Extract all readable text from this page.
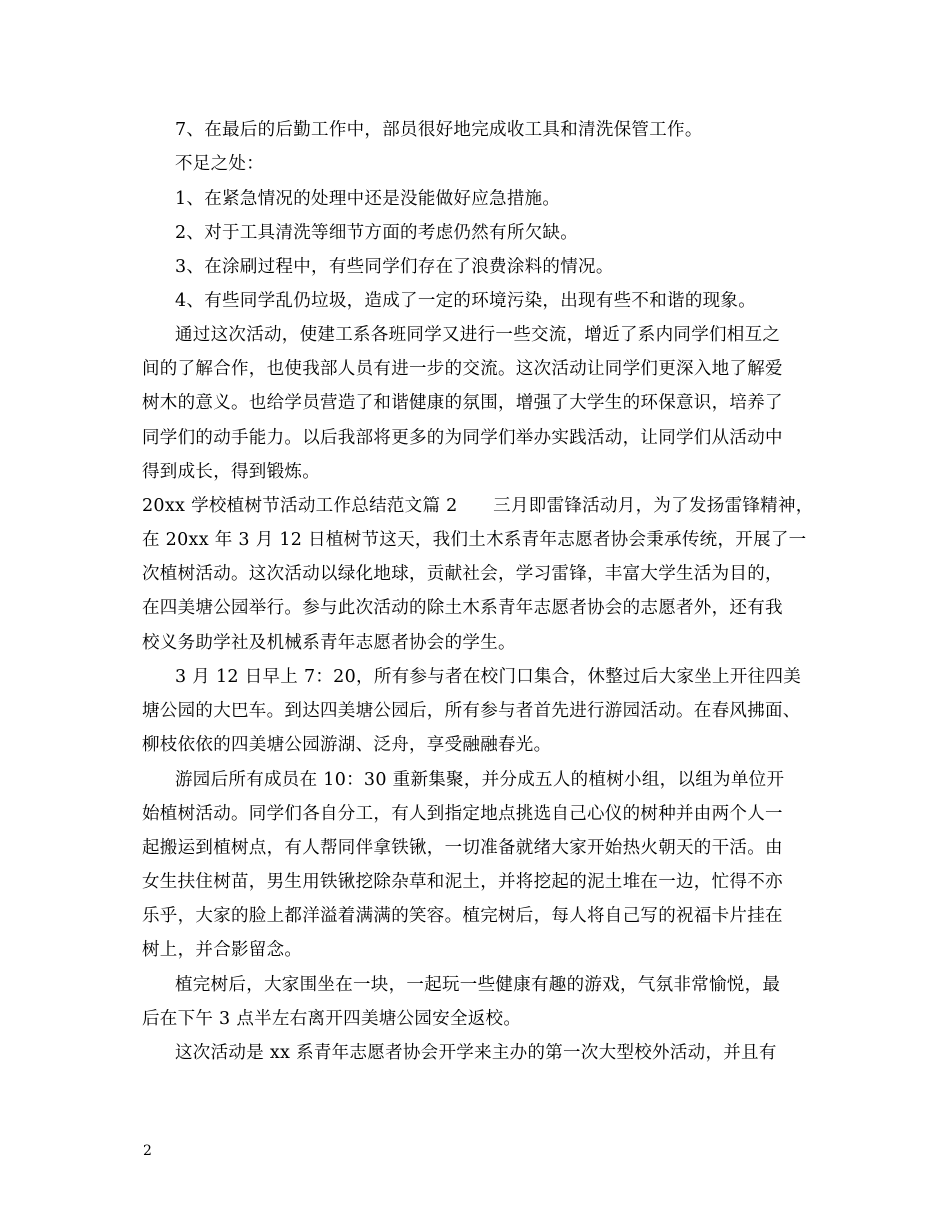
7、在最后的后勤工作中，部员很好地完成收工具和清洗保管工作。

不足之处：

1、在紧急情况的处理中还是没能做好应急措施。

2、对于工具清洗等细节方面的考虑仍然有所欠缺。

3、在涂刷过程中，有些同学们存在了浪费涂料的情况。

4、有些同学乱仍垃圾，造成了一定的环境污染，出现有些不和谐的现象。

通过这次活动，使建工系各班同学又进行一些交流，增近了系内同学们相互之

间的了解合作，也使我部人员有进一步的交流。这次活动让同学们更深入地了解爱

树木的意义。也给学员营造了和谐健康的氛围，增强了大学生的环保意识，培养了

同学们的动手能力。以后我部将更多的为同学们举办实践活动，让同学们从活动中

得到成长，得到锻炼。

20xx 学校植树节活动工作总结范文篇 2　　三月即雷锋活动月，为了发扬雷锋精神，

在 20xx 年 3 月 12 日植树节这天，我们土木系青年志愿者协会秉承传统，开展了一

次植树活动。这次活动以绿化地球，贡献社会，学习雷锋，丰富大学生活为目的，

在四美塘公园举行。参与此次活动的除土木系青年志愿者协会的志愿者外，还有我

校义务助学社及机械系青年志愿者协会的学生。

3 月 12 日早上 7：20，所有参与者在校门口集合，休整过后大家坐上开往四美

塘公园的大巴车。到达四美塘公园后，所有参与者首先进行游园活动。在春风拂面、

柳枝依依的四美塘公园游湖、泛舟，享受融融春光。

游园后所有成员在 10：30 重新集聚，并分成五人的植树小组，以组为单位开

始植树活动。同学们各自分工，有人到指定地点挑选自己心仪的树种并由两个人一

起搬运到植树点，有人帮同伴拿铁锹，一切准备就绪大家开始热火朝天的干活。由

女生扶住树苗，男生用铁锹挖除杂草和泥土，并将挖起的泥土堆在一边，忙得不亦

乐乎，大家的脸上都洋溢着满满的笑容。植完树后，每人将自己写的祝福卡片挂在

树上，并合影留念。

植完树后，大家围坐在一块，一起玩一些健康有趣的游戏，气氛非常愉悦，最

后在下午 3 点半左右离开四美塘公园安全返校。

这次活动是 xx 系青年志愿者协会开学来主办的第一次大型校外活动，并且有

2
